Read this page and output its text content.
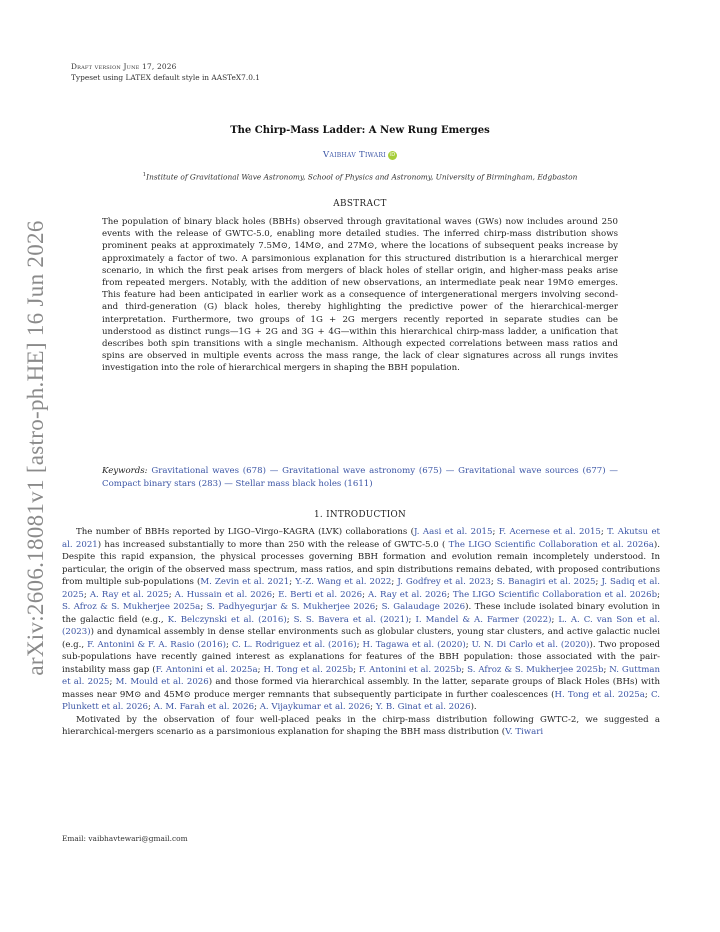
Draft version June 17, 2026
Typeset using LATEX default style in AASTeX7.0.1
arXiv:2606.18081v1 [astro-ph.HE] 16 Jun 2026
The Chirp-Mass Ladder: A New Rung Emerges
Vaibhav Tiwari iD
$^1$Institute of Gravitational Wave Astronomy, School of Physics and Astronomy, University of Birmingham, Edgbaston
ABSTRACT
The population of binary black holes (BBHs) observed through gravitational waves (GWs) now includes around 250 events with the release of GWTC-5.0, enabling more detailed studies. The inferred chirp-mass distribution shows prominent peaks at approximately 7.5M⊙, 14M⊙, and 27M⊙, where the locations of subsequent peaks increase by approximately a factor of two. A parsimonious explanation for this structured distribution is a hierarchical merger scenario, in which the first peak arises from mergers of black holes of stellar origin, and higher-mass peaks arise from repeated mergers. Notably, with the addition of new observations, an intermediate peak near 19M⊙ emerges. This feature had been anticipated in earlier work as a consequence of intergenerational mergers involving second- and third-generation (G) black holes, thereby highlighting the predictive power of the hierarchical-merger interpretation. Furthermore, two groups of 1G + 2G mergers recently reported in separate studies can be understood as distinct rungs—1G + 2G and 3G + 4G—within this hierarchical chirp-mass ladder, a unification that describes both spin transitions with a single mechanism. Although expected correlations between mass ratios and spins are observed in multiple events across the mass range, the lack of clear signatures across all rungs invites investigation into the role of hierarchical mergers in shaping the BBH population.
Keywords: Gravitational waves (678) — Gravitational wave astronomy (675) — Gravitational wave sources (677) — Compact binary stars (283) — Stellar mass black holes (1611)
1. INTRODUCTION

The number of BBHs reported by LIGO–Virgo–KAGRA (LVK) collaborations (J. Aasi et al. 2015; F. Acernese et al. 2015; T. Akutsu et al. 2021) has increased substantially to more than 250 with the release of GWTC-5.0 ( The LIGO Scientific Collaboration et al. 2026a). Despite this rapid expansion, the physical processes governing BBH formation and evolution remain incompletely understood. In particular, the origin of the observed mass spectrum, mass ratios, and spin distributions remains debated, with proposed contributions from multiple sub-populations (M. Zevin et al. 2021; Y.-Z. Wang et al. 2022; J. Godfrey et al. 2023; S. Banagiri et al. 2025; J. Sadiq et al. 2025; A. Ray et al. 2025; A. Hussain et al. 2026; E. Berti et al. 2026; A. Ray et al. 2026; The LIGO Scientific Collaboration et al. 2026b; S. Afroz & S. Mukherjee 2025a; S. Padhyegurjar & S. Mukherjee 2026; S. Galaudage 2026). These include isolated binary evolution in the galactic field (e.g., K. Belczynski et al. (2016); S. S. Bavera et al. (2021); I. Mandel & A. Farmer (2022); L. A. C. van Son et al. (2023)) and dynamical assembly in dense stellar environments such as globular clusters, young star clusters, and active galactic nuclei (e.g., F. Antonini & F. A. Rasio (2016); C. L. Rodriguez et al. (2016); H. Tagawa et al. (2020); U. N. Di Carlo et al. (2020)). Two proposed sub-populations have recently gained interest as explanations for features of the BBH population: those associated with the pair-instability mass gap (F. Antonini et al. 2025a; H. Tong et al. 2025b; F. Antonini et al. 2025b; S. Afroz & S. Mukherjee 2025b; N. Guttman et al. 2025; M. Mould et al. 2026) and those formed via hierarchical assembly. In the latter, separate groups of Black Holes (BHs) with masses near 9M⊙ and 45M⊙ produce merger remnants that subsequently participate in further coalescences (H. Tong et al. 2025a; C. Plunkett et al. 2026; A. M. Farah et al. 2026; A. Vijaykumar et al. 2026; Y. B. Ginat et al. 2026).

Motivated by the observation of four well-placed peaks in the chirp-mass distribution following GWTC-2, we suggested a hierarchical-mergers scenario as a parsimonious explanation for shaping the BBH mass distribution (V. Tiwari

Email: vaibhavtewari@gmail.com
